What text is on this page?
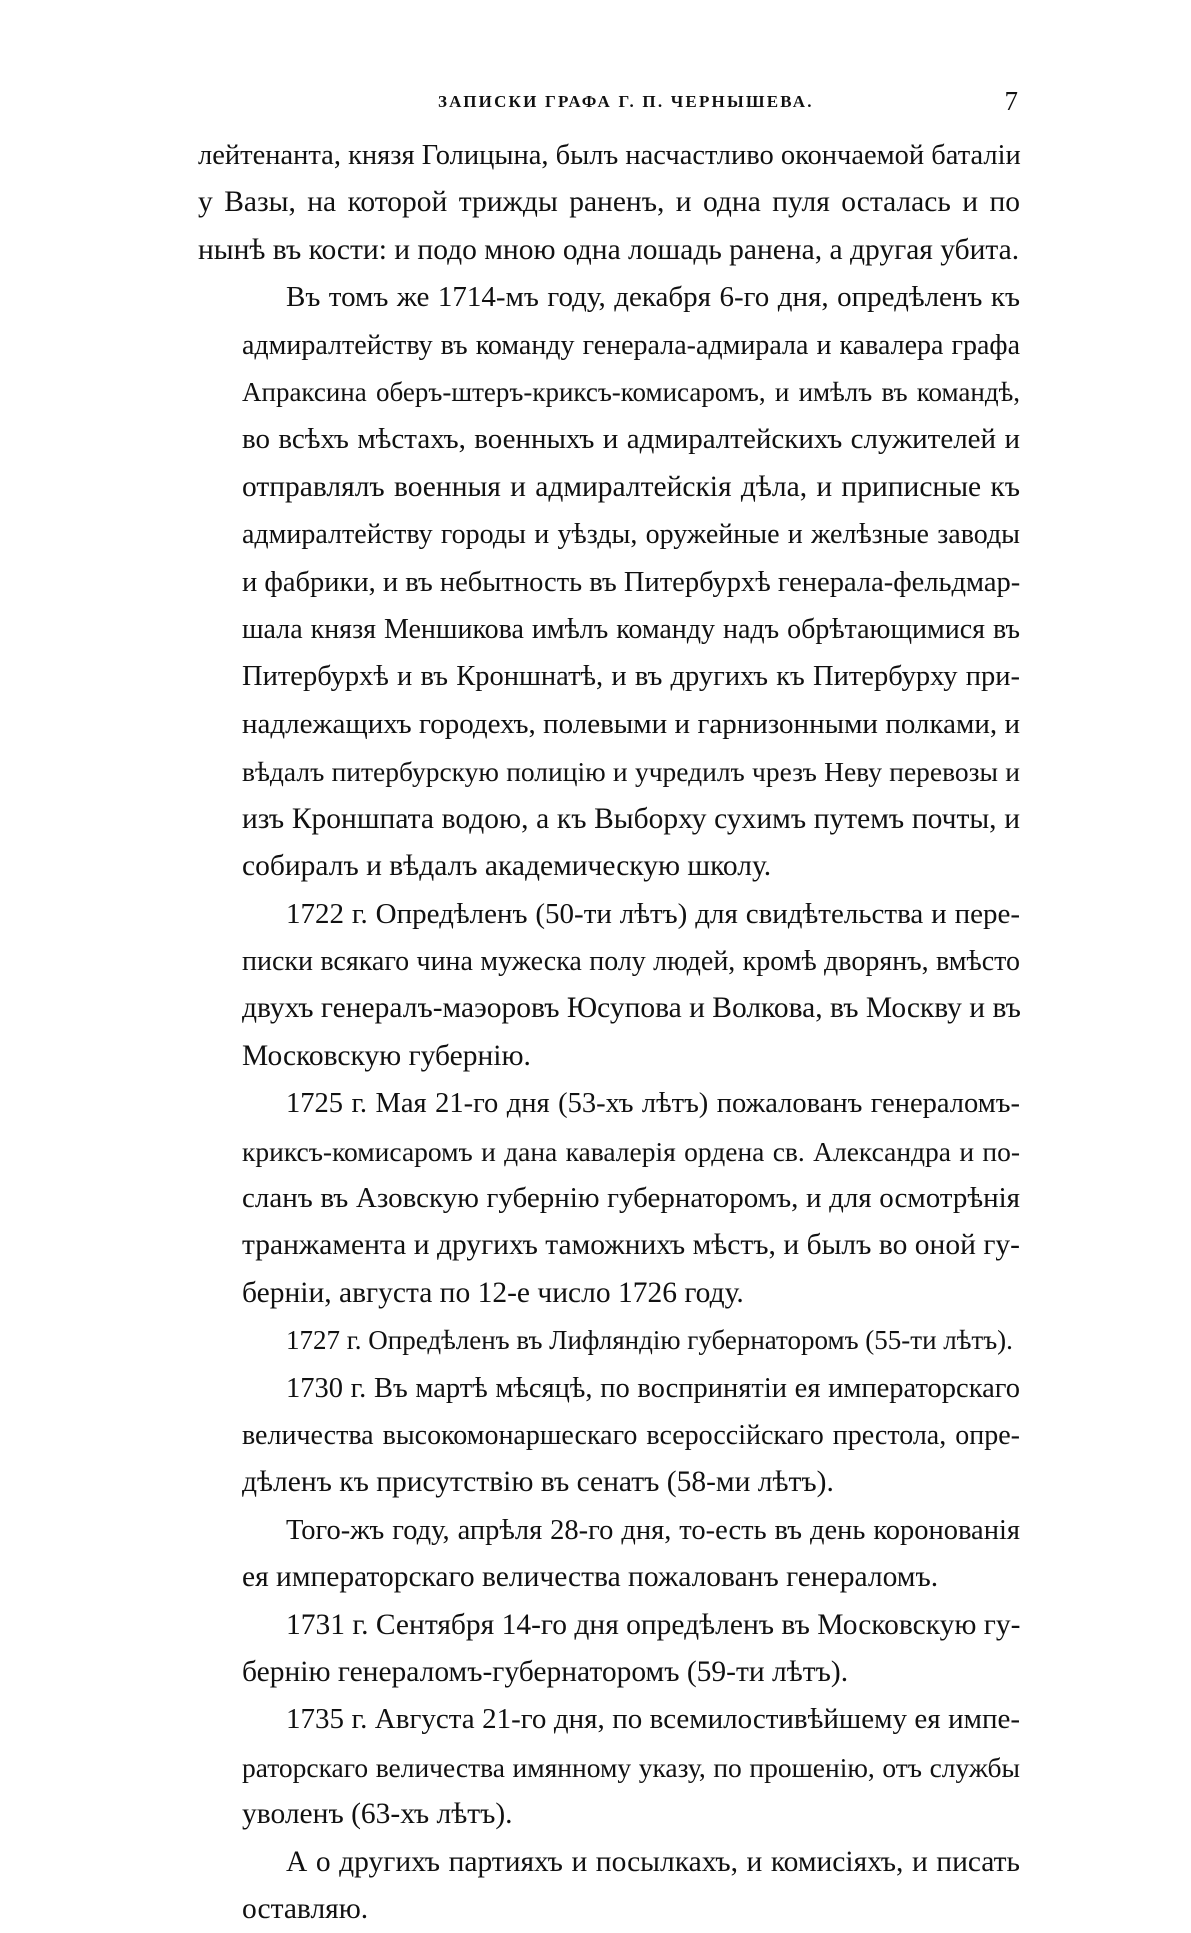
ЗАПИСКИ ГРАФА Г. П. ЧЕРНЫШЕВА.	7
лейтенанта, князя Голицына, былъ насчастливо окончаемой баталіи
у Вазы, на которой трижды раненъ, и одна пуля осталась и по
нынѣ въ кости: и подо мною одна лошадь ранена, а другая убита.
Въ томъ же 1714-мъ году, декабря 6-го дня, опредѣленъ къ
адмиралтейству въ команду генерала-адмирала и кавалера графа
Апраксина оберъ-штеръ-криксъ-комисаромъ, и имѣлъ въ командѣ,
во всѣхъ мѣстахъ, военныхъ и адмиралтейскихъ служителей и
отправлялъ военныя и адмиралтейскія дѣла, и приписные къ
адмиралтейству городы и уѣзды, оружейные и желѣзные заводы
и фабрики, и въ небытность въ Питербурхѣ генерала-фельдмар-
шала князя Меншикова имѣлъ команду надъ обрѣтающимися въ
Питербурхѣ и въ Кроншнатѣ, и въ другихъ къ Питербурху при-
надлежащихъ городехъ, полевыми и гарнизонными полками, и
вѣдалъ питербурскую полицію и учредилъ чрезъ Неву перевозы и
изъ Кроншпата водою, а къ Выборху сухимъ путемъ почты, и
собиралъ и вѣдалъ академическую школу.
1722 г. Опредѣленъ (50-ти лѣтъ) для свидѣтельства и пере-
писки всякаго чина мужеска полу людей, кромѣ дворянъ, вмѣсто
двухъ генералъ-маэоровъ Юсупова и Волкова, въ Москву и въ
Московскую губернію.
1725 г. Мая 21-го дня (53-хъ лѣтъ) пожалованъ генераломъ-
криксъ-комисаромъ и дана кавалерія ордена св. Александра и по-
сланъ въ Азовскую губернію губернаторомъ, и для осмотрѣнія
транжамента и другихъ таможнихъ мѣстъ, и былъ во оной гу-
берніи, августа по 12-е число 1726 году.
1727 г. Опредѣленъ въ Лифляндію губернаторомъ (55-ти лѣтъ).
1730 г. Въ мартѣ мѣсяцѣ, по воспринятіи ея императорскаго
величества высокомонаршескаго всероссійскаго престола, опре-
дѣленъ къ присутствію въ сенатъ (58-ми лѣтъ).
Того-жъ году, апрѣля 28-го дня, то-есть въ день коронованія
ея императорскаго величества пожалованъ генераломъ.
1731 г. Сентября 14-го дня опредѣленъ въ Московскую гу-
бернію генераломъ-губернаторомъ (59-ти лѣтъ).
1735 г. Августа 21-го дня, по всемилостивѣйшему ея импе-
раторскаго величества имянному указу, по прошенію, отъ службы
уволенъ (63-хъ лѣтъ).
А о другихъ партияхъ и посылкахъ, и комисіяхъ, и писать
оставляю.
